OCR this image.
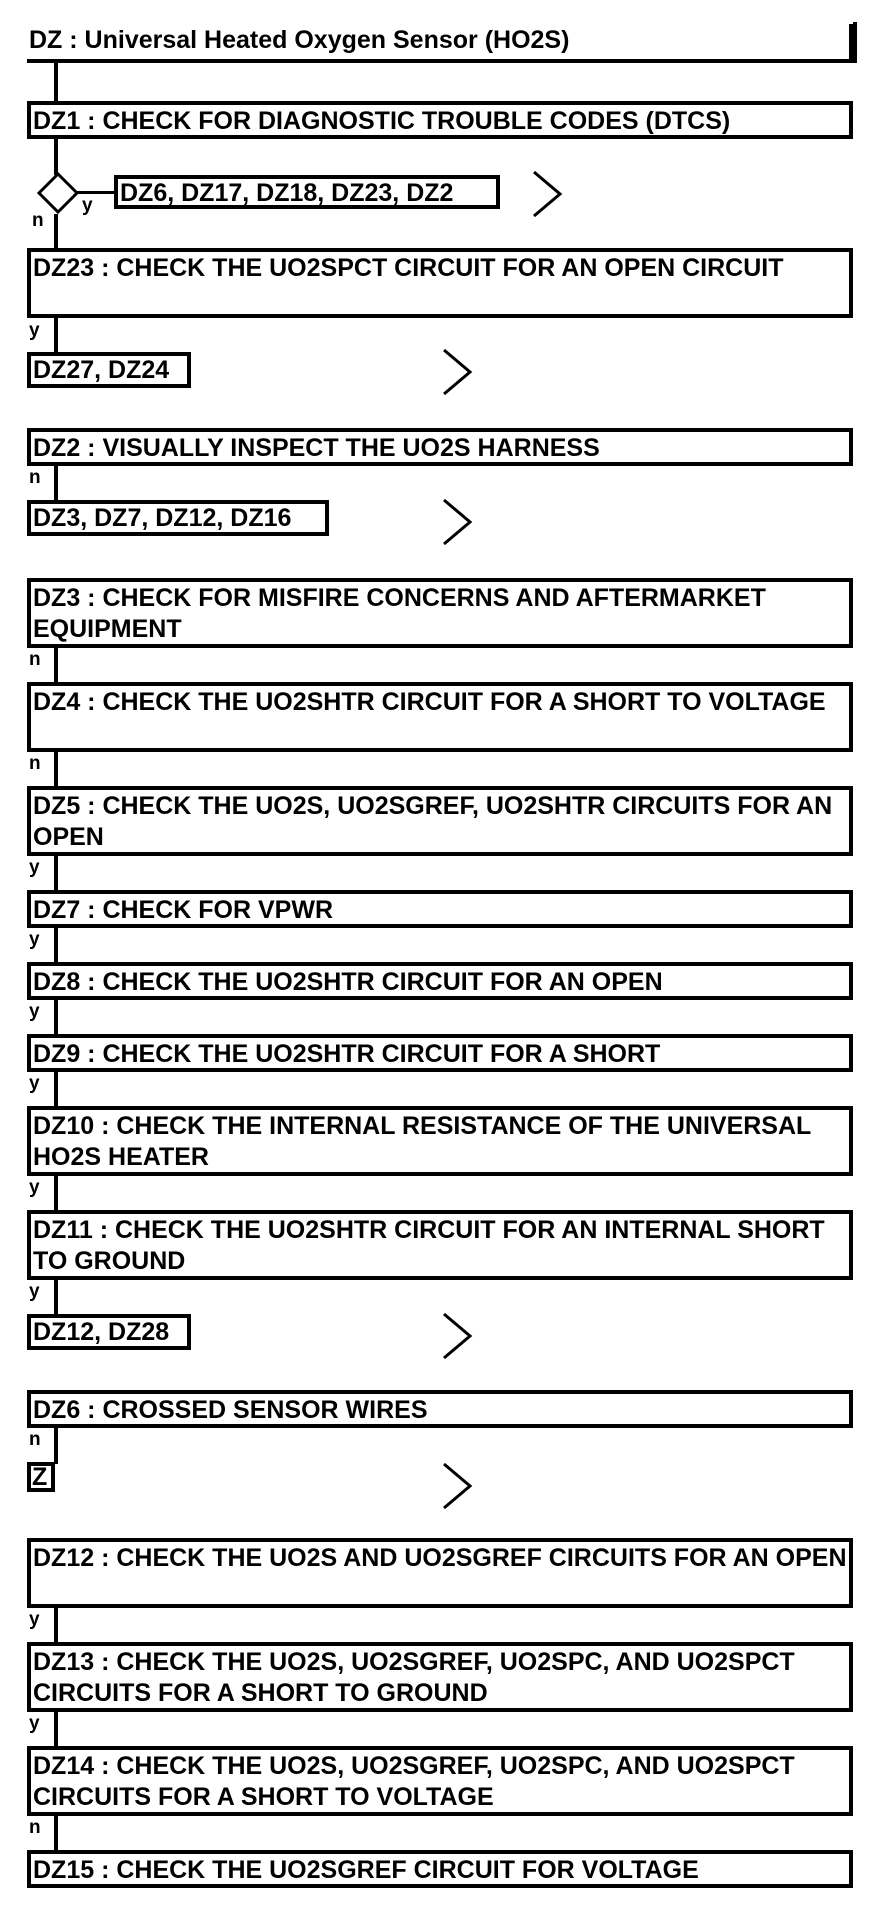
DZ : Universal Heated Oxygen Sensor (HO2S)
DZ1 : CHECK FOR DIAGNOSTIC TROUBLE CODES (DTCS)
y
n
DZ6, DZ17, DZ18, DZ23, DZ2
DZ23 : CHECK THE UO2SPCT CIRCUIT FOR AN OPEN CIRCUIT
y
DZ27, DZ24
DZ2 : VISUALLY INSPECT THE UO2S HARNESS
n
DZ3, DZ7, DZ12, DZ16
DZ3 : CHECK FOR MISFIRE CONCERNS AND AFTERMARKET EQUIPMENT
n
DZ4 : CHECK THE UO2SHTR CIRCUIT FOR A SHORT TO VOLTAGE
n
DZ5 : CHECK THE UO2S, UO2SGREF, UO2SHTR CIRCUITS FOR AN OPEN
y
DZ7 : CHECK FOR VPWR
y
DZ8 : CHECK THE UO2SHTR CIRCUIT FOR AN OPEN
y
DZ9 : CHECK THE UO2SHTR CIRCUIT FOR A SHORT
y
DZ10 : CHECK THE INTERNAL RESISTANCE OF THE UNIVERSAL HO2S HEATER
y
DZ11 : CHECK THE UO2SHTR CIRCUIT FOR AN INTERNAL SHORT TO GROUND
y
DZ12, DZ28
DZ6 : CROSSED SENSOR WIRES
n
Z
DZ12 : CHECK THE UO2S AND UO2SGREF CIRCUITS FOR AN OPEN
y
DZ13 : CHECK THE UO2S, UO2SGREF, UO2SPC, AND UO2SPCT CIRCUITS FOR A SHORT TO GROUND
y
DZ14 : CHECK THE UO2S, UO2SGREF, UO2SPC, AND UO2SPCT CIRCUITS FOR A SHORT TO VOLTAGE
n
DZ15 : CHECK THE UO2SGREF CIRCUIT FOR VOLTAGE
